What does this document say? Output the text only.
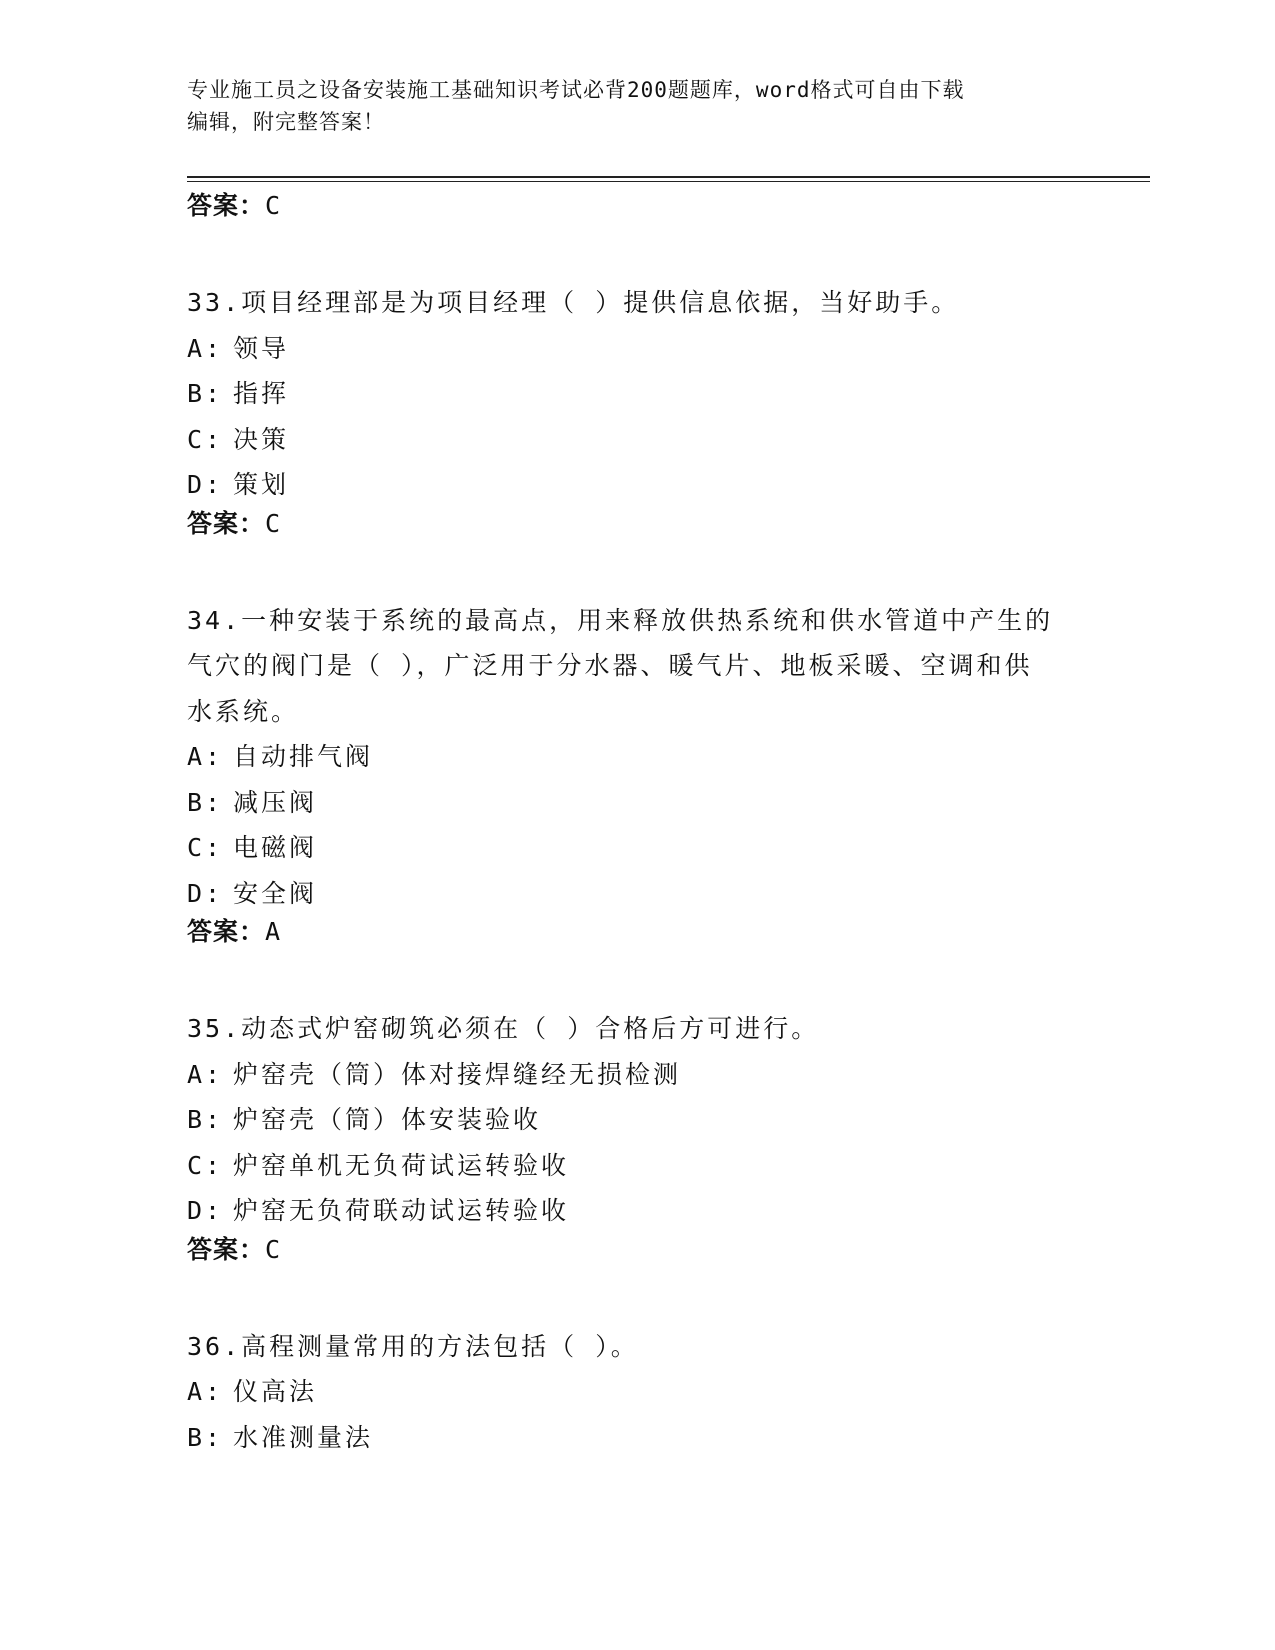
专业施工员之设备安装施工基础知识考试必背200题题库，word格式可自由下载
编辑，附完整答案！
答案：C
33.项目经理部是为项目经理（ ）提供信息依据，当好助手。
A: 领导
B: 指挥
C: 决策
D: 策划
答案：C
34.一种安装于系统的最高点，用来释放供热系统和供水管道中产生的
气穴的阀门是（ ），广泛用于分水器、暖气片、地板采暖、空调和供
水系统。
A: 自动排气阀
B: 减压阀
C: 电磁阀
D: 安全阀
答案：A
35.动态式炉窑砌筑必须在（ ）合格后方可进行。
A: 炉窑壳（筒）体对接焊缝经无损检测
B: 炉窑壳（筒）体安装验收
C: 炉窑单机无负荷试运转验收
D: 炉窑无负荷联动试运转验收
答案：C
36.高程测量常用的方法包括（ ）。
A: 仪高法
B: 水准测量法
